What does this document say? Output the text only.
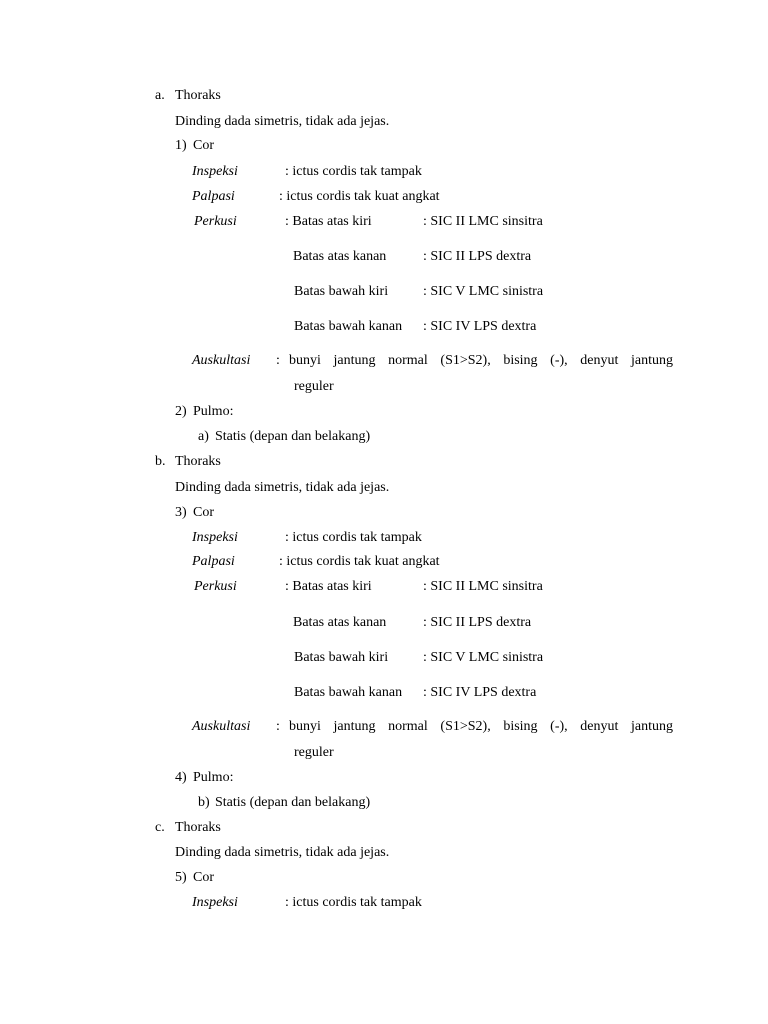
a. Thoraks
Dinding dada simetris, tidak ada jejas.
1) Cor
Inspeksi	: ictus cordis tak tampak
Palpasi	: ictus cordis tak kuat angkat
Perkusi	: Batas atas kiri	: SIC II LMC sinsitra
Batas atas kanan	: SIC II LPS dextra
Batas bawah kiri : SIC V LMC sinistra
Batas bawah kanan : SIC IV LPS dextra
Auskultasi : bunyi jantung normal (S1>S2), bising (-), denyut jantung
reguler
2) Pulmo:
a) Statis (depan dan belakang)
b. Thoraks
Dinding dada simetris, tidak ada jejas.
3) Cor
Inspeksi	: ictus cordis tak tampak
Palpasi	: ictus cordis tak kuat angkat
Perkusi	: Batas atas kiri	: SIC II LMC sinsitra
Batas atas kanan	: SIC II LPS dextra
Batas bawah kiri : SIC V LMC sinistra
Batas bawah kanan : SIC IV LPS dextra
Auskultasi : bunyi jantung normal (S1>S2), bising (-), denyut jantung
reguler
4) Pulmo:
b) Statis (depan dan belakang)
c. Thoraks
Dinding dada simetris, tidak ada jejas.
5) Cor
Inspeksi	: ictus cordis tak tampak
